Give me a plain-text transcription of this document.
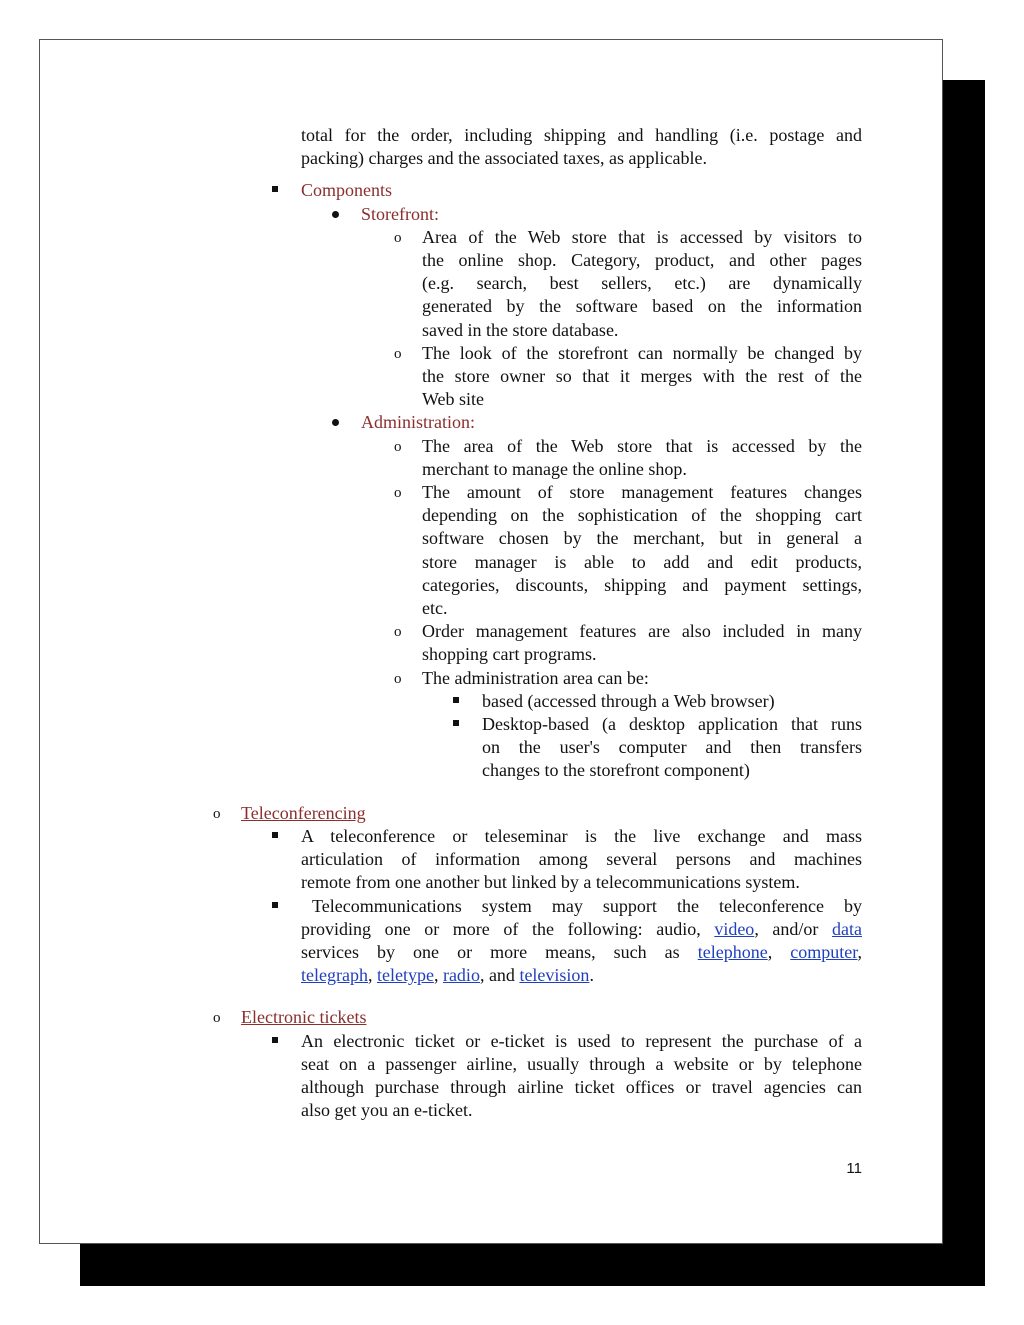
total for the order, including shipping and handling (i.e. postage and

packing) charges and the associated taxes, as applicable.

Components

Storefront:

o Area of the Web store that is accessed by visitors to

the online shop. Category, product, and other pages

(e.g. search, best sellers, etc.) are dynamically

generated by the software based on the information

saved in the store database.

o The look of the storefront can normally be changed by

the store owner so that it merges with the rest of the

Web site

Administration:

o The area of the Web store that is accessed by the

merchant to manage the online shop.

o The amount of store management features changes

depending on the sophistication of the shopping cart

software chosen by the merchant, but in general a

store manager is able to add and edit products,

categories, discounts, shipping and payment settings,

etc.

o Order management features are also included in many

shopping cart programs.

o The administration area can be:

based (accessed through a Web browser)

Desktop-based (a desktop application that runs

on the user's computer and then transfers

changes to the storefront component)

o Teleconferencing

A teleconference or teleseminar is the live exchange and mass

articulation of information among several persons and machines

remote from one another but linked by a telecommunications system.

Telecommunications system may support the teleconference by

providing one or more of the following: audio, video, and/or data

services by one or more means, such as telephone, computer,

telegraph, teletype, radio, and television.

o Electronic tickets

An electronic ticket or e-ticket is used to represent the purchase of a

seat on a passenger airline, usually through a website or by telephone

although purchase through airline ticket offices or travel agencies can

also get you an e-ticket.

11
